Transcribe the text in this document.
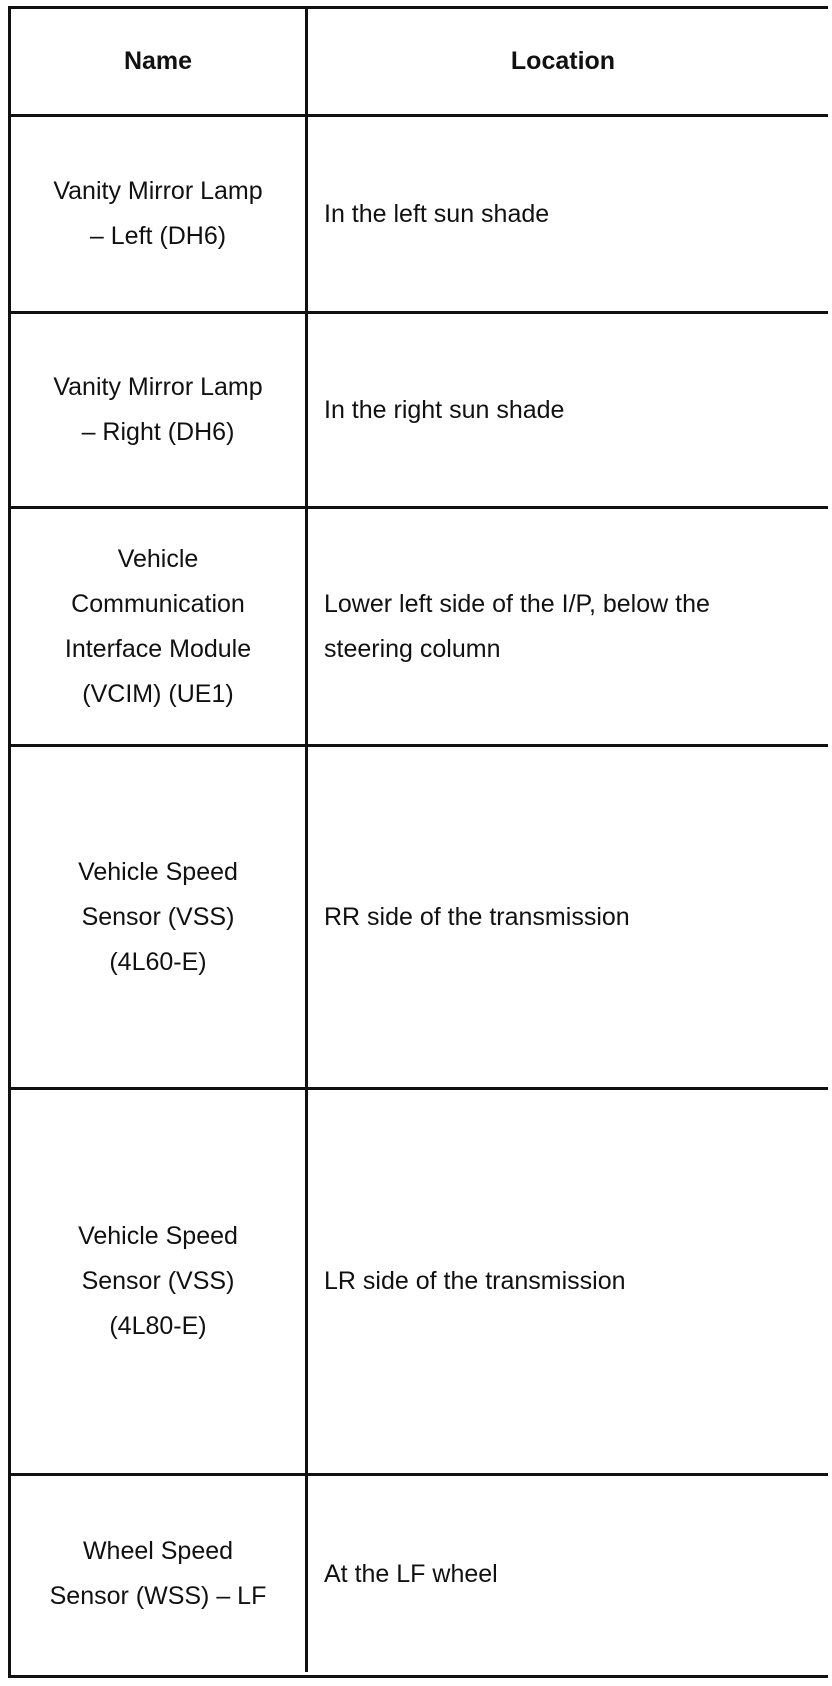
Name	Location
Vanity Mirror Lamp
– Left (DH6)
In the left sun shade
Vanity Mirror Lamp
– Right (DH6)
In the right sun shade
Vehicle
Communication
Interface Module
(VCIM) (UE1)
Lower left side of the I/P, below the
steering column
Vehicle Speed
Sensor (VSS)
(4L60-E)
RR side of the transmission
Vehicle Speed
Sensor (VSS)
(4L80-E)
LR side of the transmission
Wheel Speed
Sensor (WSS) – LF
At the LF wheel
